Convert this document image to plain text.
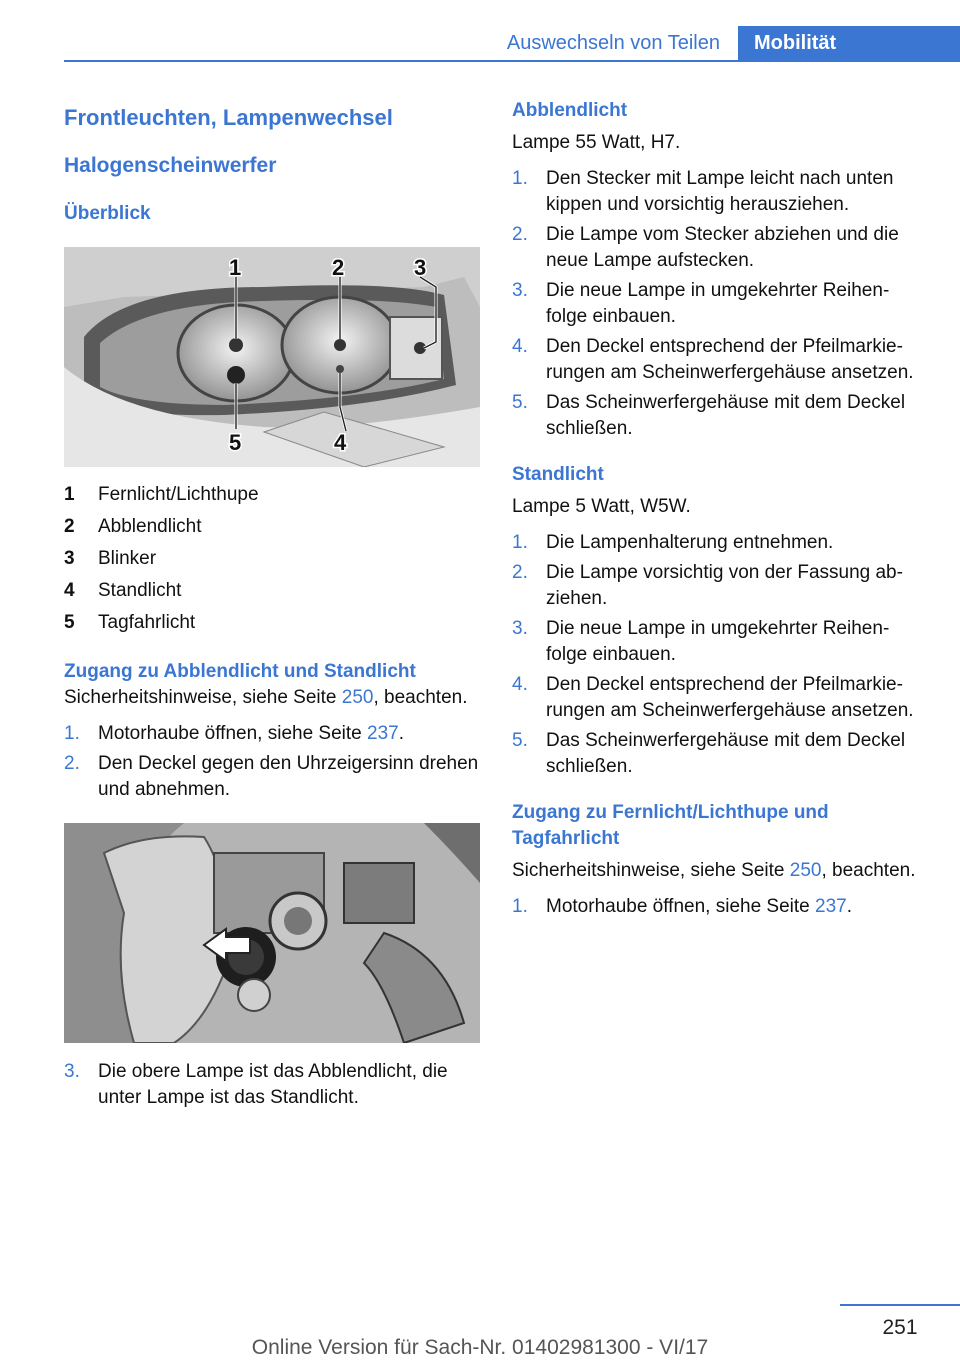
Auswechseln von Teilen	Mobilität
Frontleuchten, Lampenwechsel
Halogenscheinwerfer
Überblick
1	2	3
4
5
1	Fernlicht/Lichthupe
2	Abblendlicht
3	Blinker
4	Standlicht
5	Tagfahrlicht
Zugang zu Abblendlicht und Standlicht

Sicherheitshinweise, siehe Seite 250, beachten.

1. Motorhaube öffnen, siehe Seite 237.
2. Den Deckel gegen den Uhrzeigersinn drehen und abnehmen.
3. Die obere Lampe ist das Abblendlicht, die unter Lampe ist das Standlicht.
Abblendlicht

Lampe 55 Watt, H7.

1. Den Stecker mit Lampe leicht nach unten kippen und vorsichtig herausziehen.
2. Die Lampe vom Stecker abziehen und die neue Lampe aufstecken.
3. Die neue Lampe in umgekehrter Reihenfolge einbauen.
4. Den Deckel entsprechend der Pfeilmarkierungen am Scheinwerfergehäuse ansetzen.
5. Das Scheinwerfergehäuse mit dem Deckel schließen.
Standlicht

Lampe 5 Watt, W5W.

1. Die Lampenhalterung entnehmen.
2. Die Lampe vorsichtig von der Fassung abziehen.
3. Die neue Lampe in umgekehrter Reihenfolge einbauen.
4. Den Deckel entsprechend der Pfeilmarkierungen am Scheinwerfergehäuse ansetzen.
5. Das Scheinwerfergehäuse mit dem Deckel schließen.
Zugang zu Fernlicht/Lichthupe und Tagfahrlicht

Sicherheitshinweise, siehe Seite 250, beachten.

1. Motorhaube öffnen, siehe Seite 237.
251
Online Version für Sach-Nr. 01402981300 - VI/17
